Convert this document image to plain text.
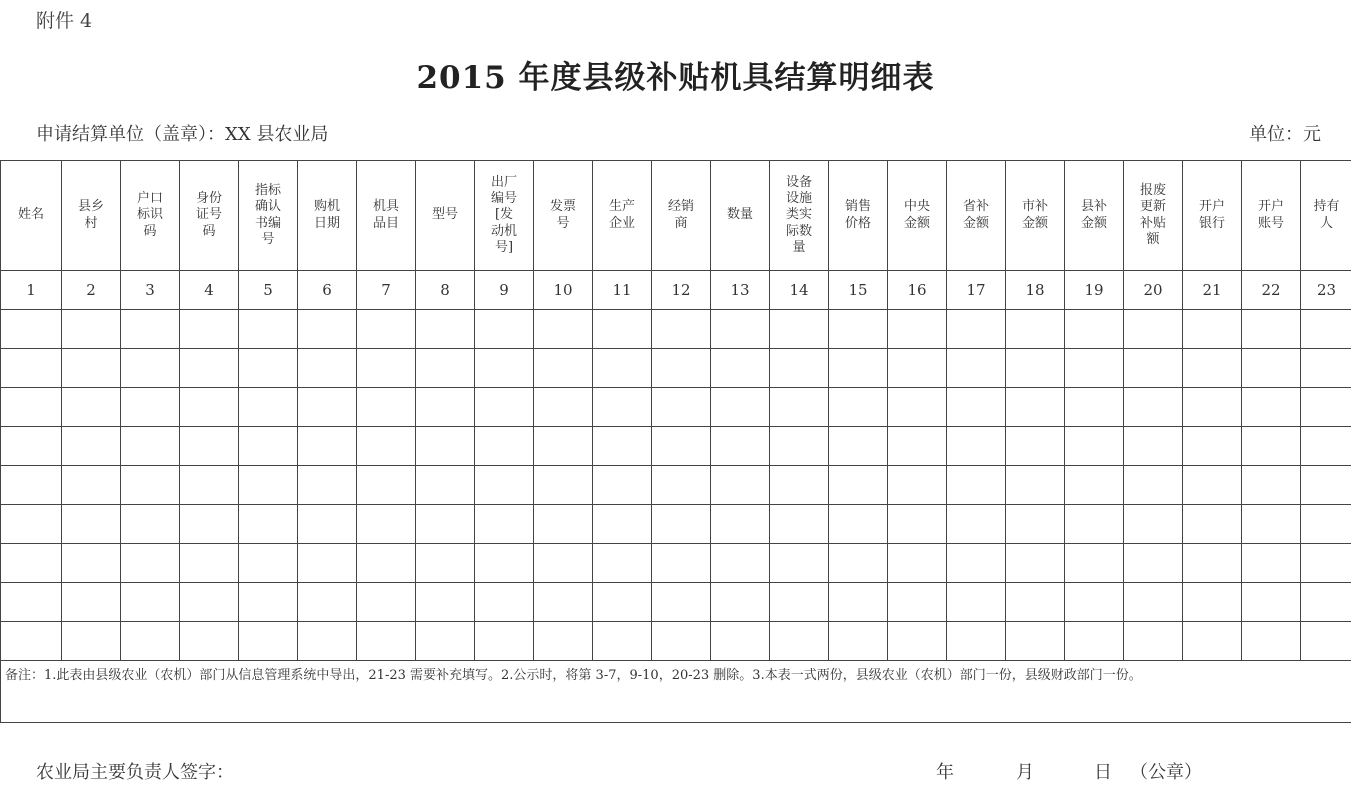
附件 4
2015 年度县级补贴机具结算明细表
申请结算单位（盖章）：XX 县农业局	单位：元
姓名	县乡村	户口标识码	身份证号码	指标确认书编号	购机日期	机具品目	型号	出厂编号[发动机号]	发票号	生产企业	经销商	数量	设备设施类实际数量	销售价格	中央金额	省补金额	市补金额	县补金额	报废更新补贴额	开户银行	开户账号	持有人
1	2	3	4	5	6	7	8	9	10	11	12	13	14	15	16	17	18	19	20	21	22	23

备注：1.此表由县级农业（农机）部门从信息管理系统中导出，21-23 需要补充填写。2.公示时，将第 3-7，9-10，20-23 删除。3.本表一式两份，县级农业（农机）部门一份，县级财政部门一份。																						
农业局主要负责人签字：	年	月	日 （公章）
